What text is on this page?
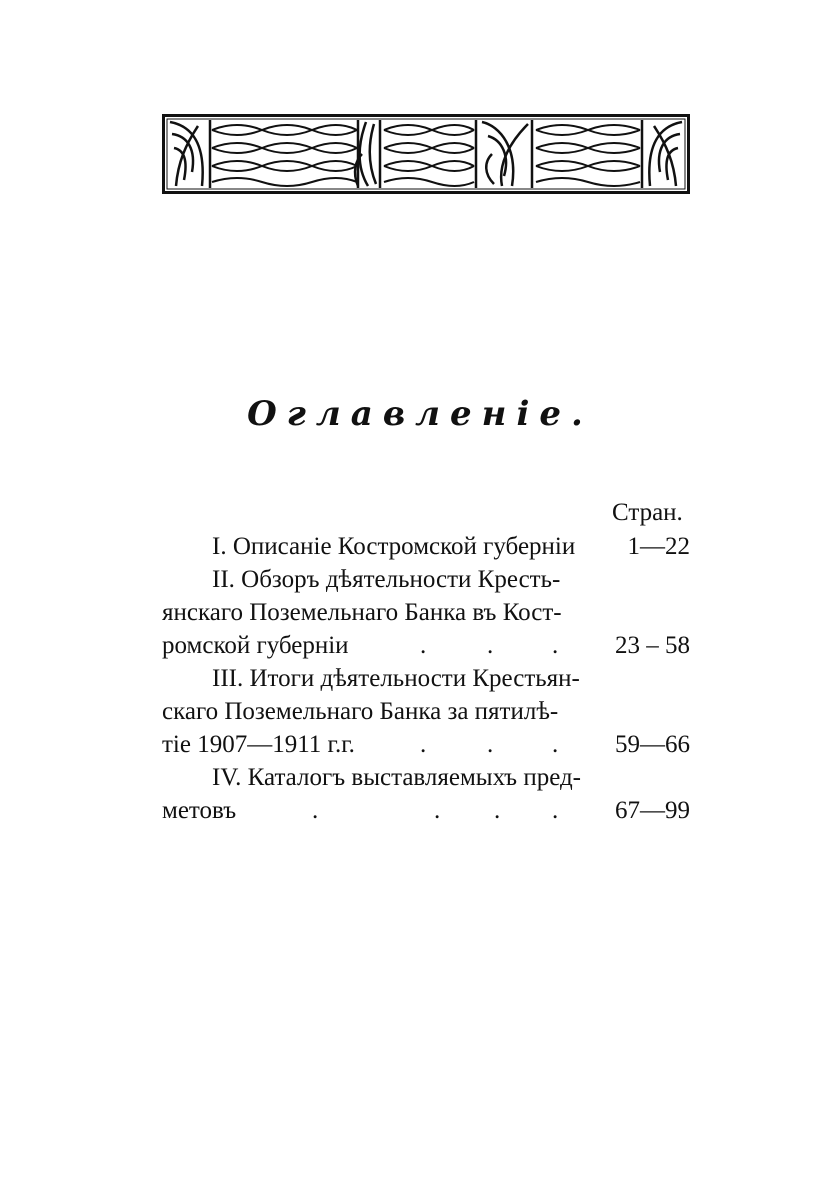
Оглавленіе.
Стран.
I. Описаніе Костромской губерніи 1—22
II. Обзоръ дѣятельности Кресть-
янскаго Поземельнаго Банка въ Кост-
ромской губерніи	. . . 23 – 58
III. Итоги дѣятельности Крестьян-
скаго Поземельнаго Банка за пятилѣ-
тіе 1907—1911 г.г.	. . . 59—66
IV. Каталогъ выставляемыхъ пред-
метовъ	.	. . . 67—99
